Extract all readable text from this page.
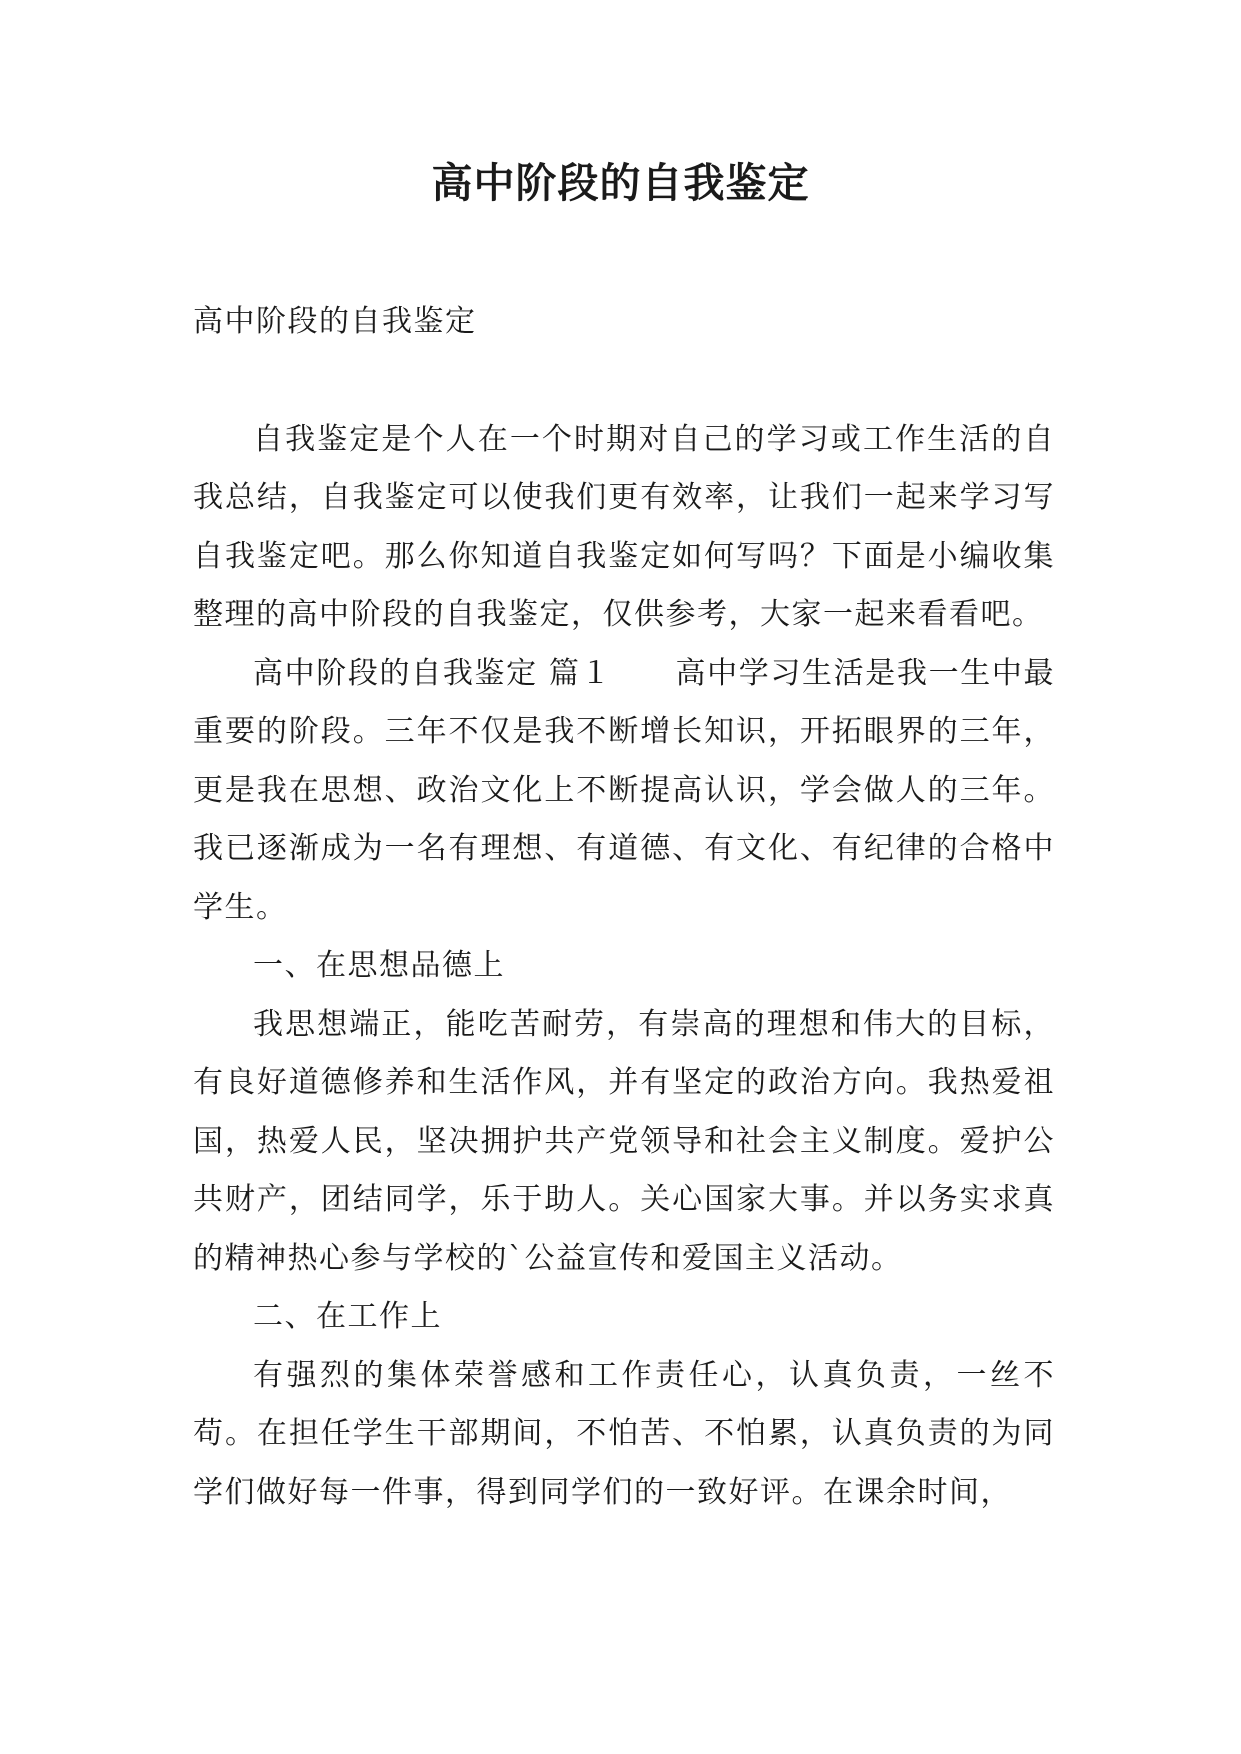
高中阶段的自我鉴定

高中阶段的自我鉴定

自我鉴定是个人在一个时期对自己的学习或工作生活的自我总结，自我鉴定可以使我们更有效率，让我们一起来学习写自我鉴定吧。那么你知道自我鉴定如何写吗？下面是小编收集整理的高中阶段的自我鉴定，仅供参考，大家一起来看看吧。

高中阶段的自我鉴定 篇１　　高中学习生活是我一生中最重要的阶段。三年不仅是我不断增长知识，开拓眼界的三年，更是我在思想、政治文化上不断提高认识，学会做人的三年。我已逐渐成为一名有理想、有道德、有文化、有纪律的合格中学生。

一、在思想品德上

我思想端正，能吃苦耐劳，有崇高的理想和伟大的目标，有良好道德修养和生活作风，并有坚定的政治方向。我热爱祖国，热爱人民，坚决拥护共产党领导和社会主义制度。爱护公共财产，团结同学，乐于助人。关心国家大事。并以务实求真的精神热心参与学校的`公益宣传和爱国主义活动。

二、在工作上

有强烈的集体荣誉感和工作责任心，认真负责，一丝不苟。在担任学生干部期间，不怕苦、不怕累，认真负责的为同学们做好每一件事，得到同学们的一致好评。在课余时间，
